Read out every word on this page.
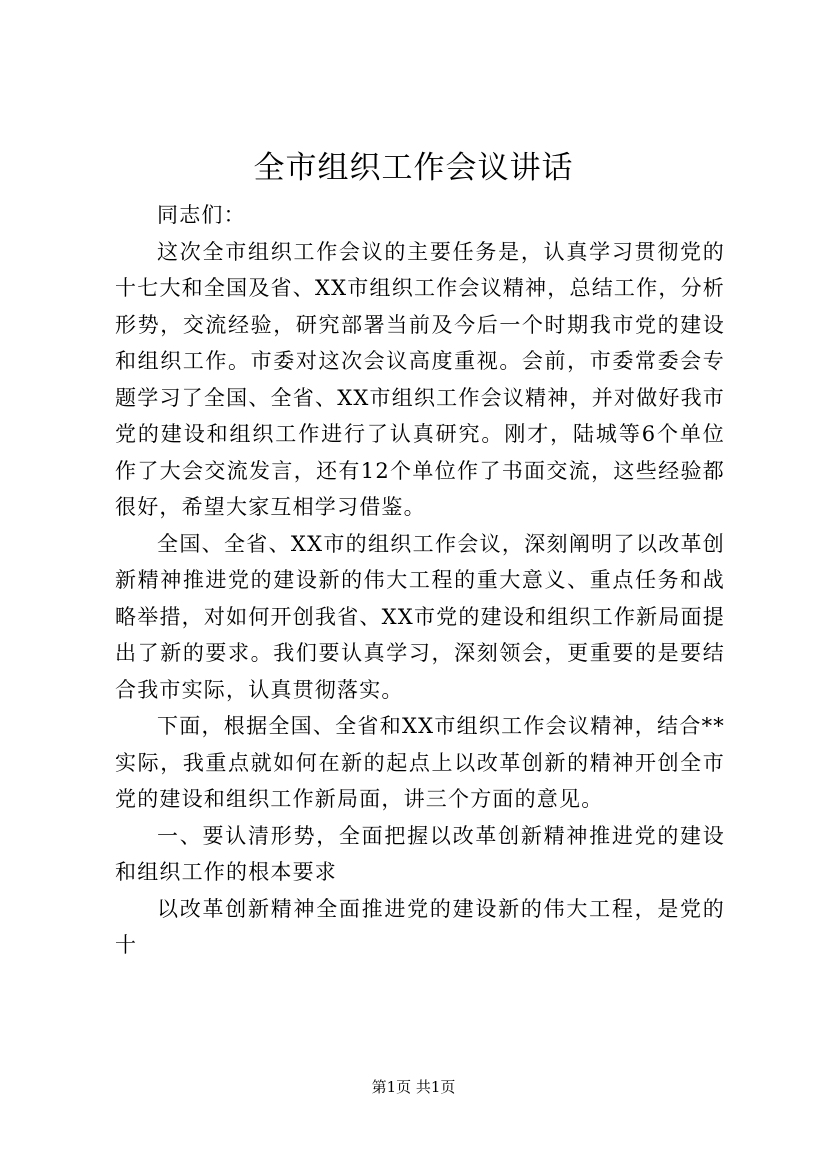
全市组织工作会议讲话

同志们：

这次全市组织工作会议的主要任务是，认真学习贯彻党的十七大和全国及省、XX市组织工作会议精神，总结工作，分析形势，交流经验，研究部署当前及今后一个时期我市党的建设和组织工作。市委对这次会议高度重视。会前，市委常委会专题学习了全国、全省、XX市组织工作会议精神，并对做好我市党的建设和组织工作进行了认真研究。刚才，陆城等6个单位作了大会交流发言，还有12个单位作了书面交流，这些经验都很好，希望大家互相学习借鉴。

全国、全省、XX市的组织工作会议，深刻阐明了以改革创新精神推进党的建设新的伟大工程的重大意义、重点任务和战略举措，对如何开创我省、XX市党的建设和组织工作新局面提出了新的要求。我们要认真学习，深刻领会，更重要的是要结合我市实际，认真贯彻落实。

下面，根据全国、全省和XX市组织工作会议精神，结合**实际，我重点就如何在新的起点上以改革创新的精神开创全市党的建设和组织工作新局面，讲三个方面的意见。

一、要认清形势，全面把握以改革创新精神推进党的建设和组织工作的根本要求

以改革创新精神全面推进党的建设新的伟大工程，是党的十

第1页 共1页
